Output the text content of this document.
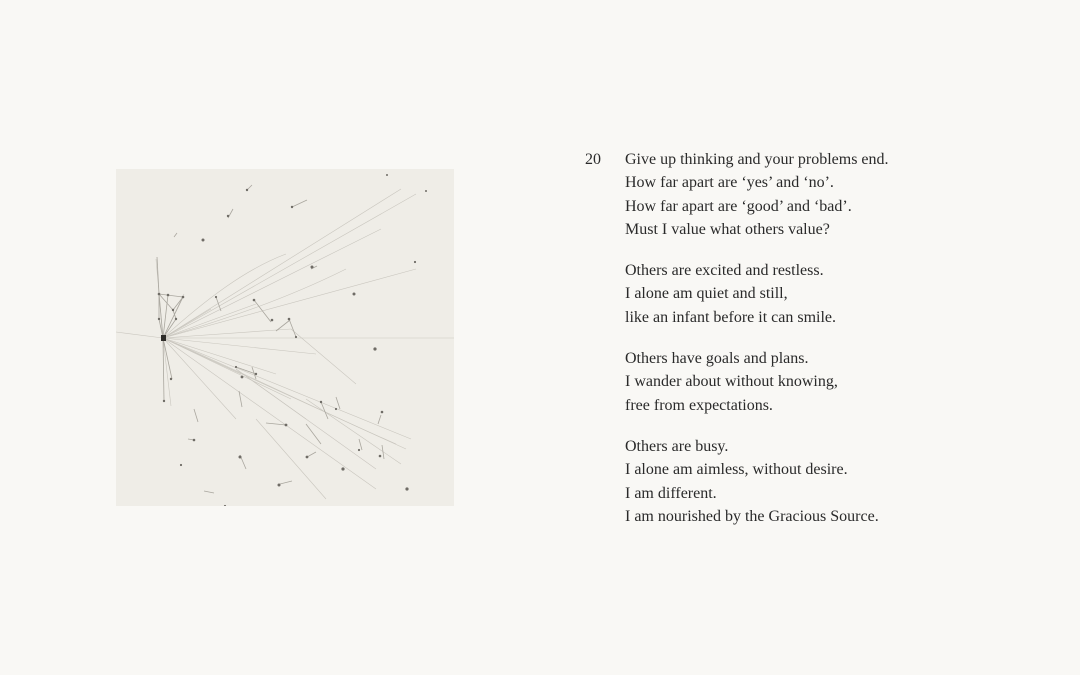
20 Give up thinking and your problems end.
How far apart are ‘yes’ and ‘no’.
How far apart are ‘good’ and ‘bad’.
Must I value what others value?
Others are excited and restless.
I alone am quiet and still,
like an infant before it can smile.
Others have goals and plans.
I wander about without knowing,
free from expectations.
Others are busy.
I alone am aimless, without desire.
I am different.
I am nourished by the Gracious Source.
